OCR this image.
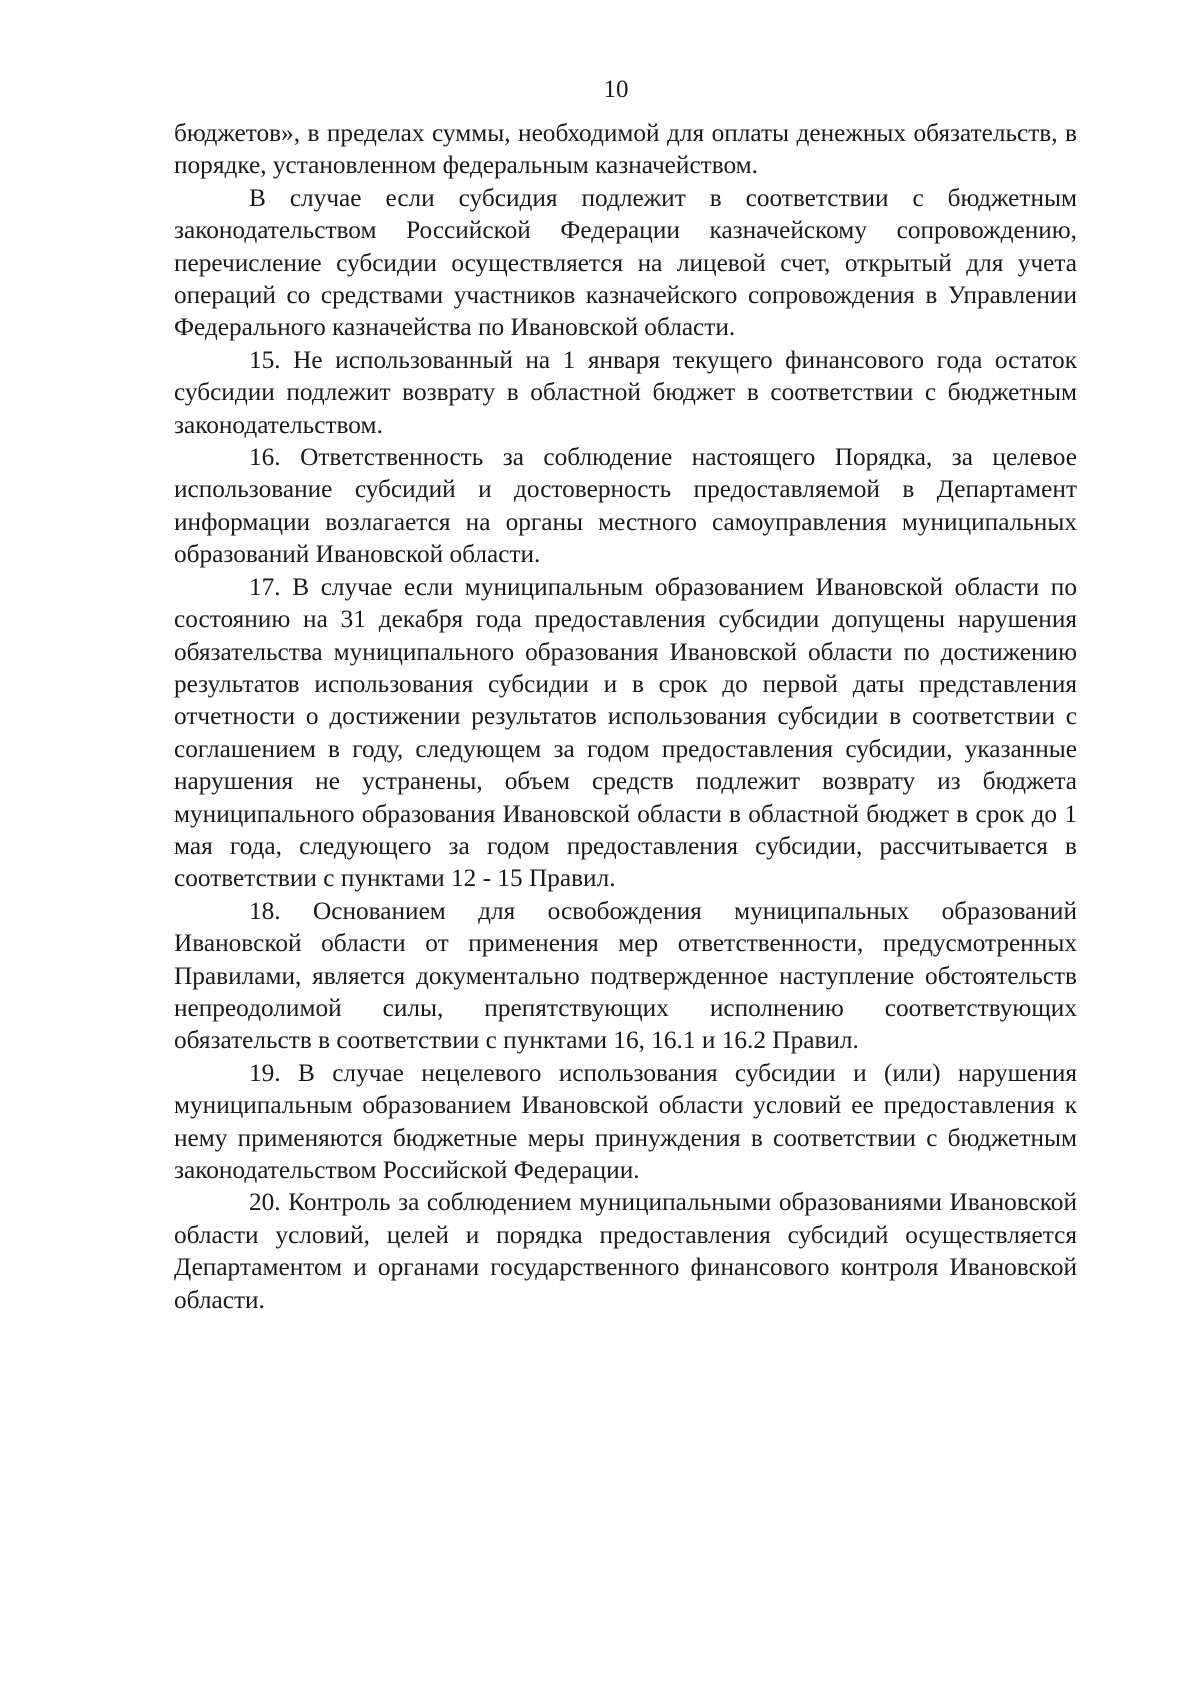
10

бюджетов», в пределах суммы, необходимой для оплаты денежных обязательств, в порядке, установленном федеральным казначейством.

В случае если субсидия подлежит в соответствии с бюджетным законодательством Российской Федерации казначейскому сопровождению, перечисление субсидии осуществляется на лицевой счет, открытый для учета операций со средствами участников казначейского сопровождения в Управлении Федерального казначейства по Ивановской области.

15. Не использованный на 1 января текущего финансового года остаток субсидии подлежит возврату в областной бюджет в соответствии с бюджетным законодательством.

16. Ответственность за соблюдение настоящего Порядка, за целевое использование субсидий и достоверность предоставляемой в Департамент информации возлагается на органы местного самоуправления муниципальных образований Ивановской области.

17. В случае если муниципальным образованием Ивановской области по состоянию на 31 декабря года предоставления субсидии допущены нарушения обязательства муниципального образования Ивановской области по достижению результатов использования субсидии и в срок до первой даты представления отчетности о достижении результатов использования субсидии в соответствии с соглашением в году, следующем за годом предоставления субсидии, указанные нарушения не устранены, объем средств подлежит возврату из бюджета муниципального образования Ивановской области в областной бюджет в срок до 1 мая года, следующего за годом предоставления субсидии, рассчитывается в соответствии с пунктами 12 - 15 Правил.

18. Основанием для освобождения муниципальных образований Ивановской области от применения мер ответственности, предусмотренных Правилами, является документально подтвержденное наступление обстоятельств непреодолимой силы, препятствующих исполнению соответствующих обязательств в соответствии с пунктами 16, 16.1 и 16.2 Правил.

19. В случае нецелевого использования субсидии и (или) нарушения муниципальным образованием Ивановской области условий ее предоставления к нему применяются бюджетные меры принуждения в соответствии с бюджетным законодательством Российской Федерации.

20. Контроль за соблюдением муниципальными образованиями Ивановской области условий, целей и порядка предоставления субсидий осуществляется Департаментом и органами государственного финансового контроля Ивановской области.
